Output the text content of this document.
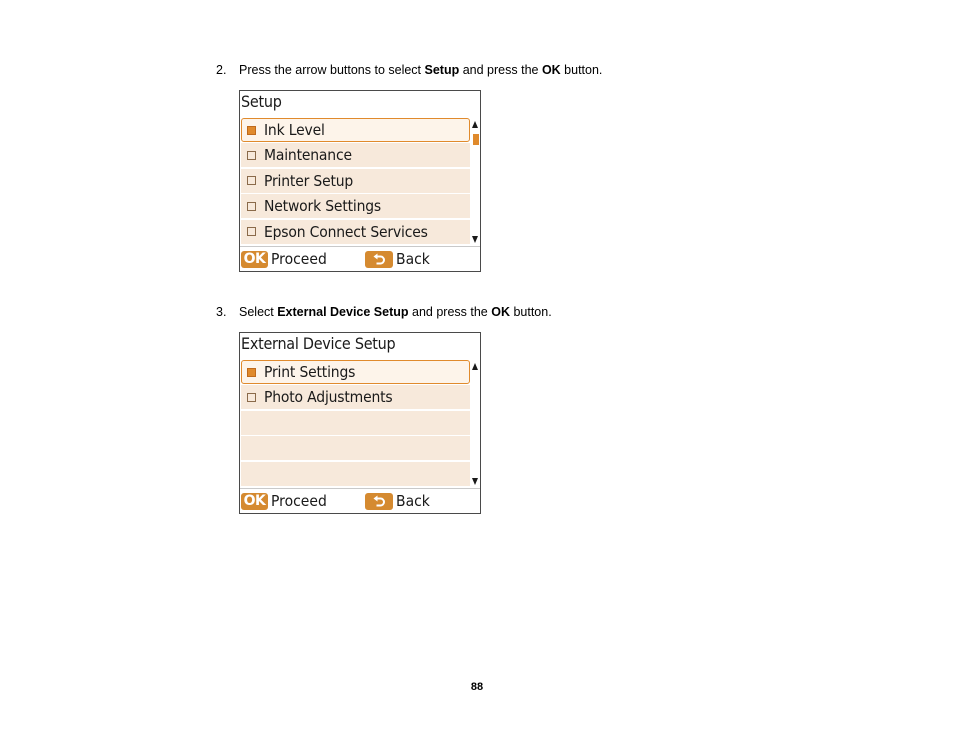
2. Press the arrow buttons to select Setup and press the OK button.
Setup
Ink Level
Maintenance
Printer Setup
Network Settings
Epson Connect Services
OK Proceed	Back
3. Select External Device Setup and press the OK button.
External Device Setup
Print Settings
Photo Adjustments
OK Proceed	Back
88
